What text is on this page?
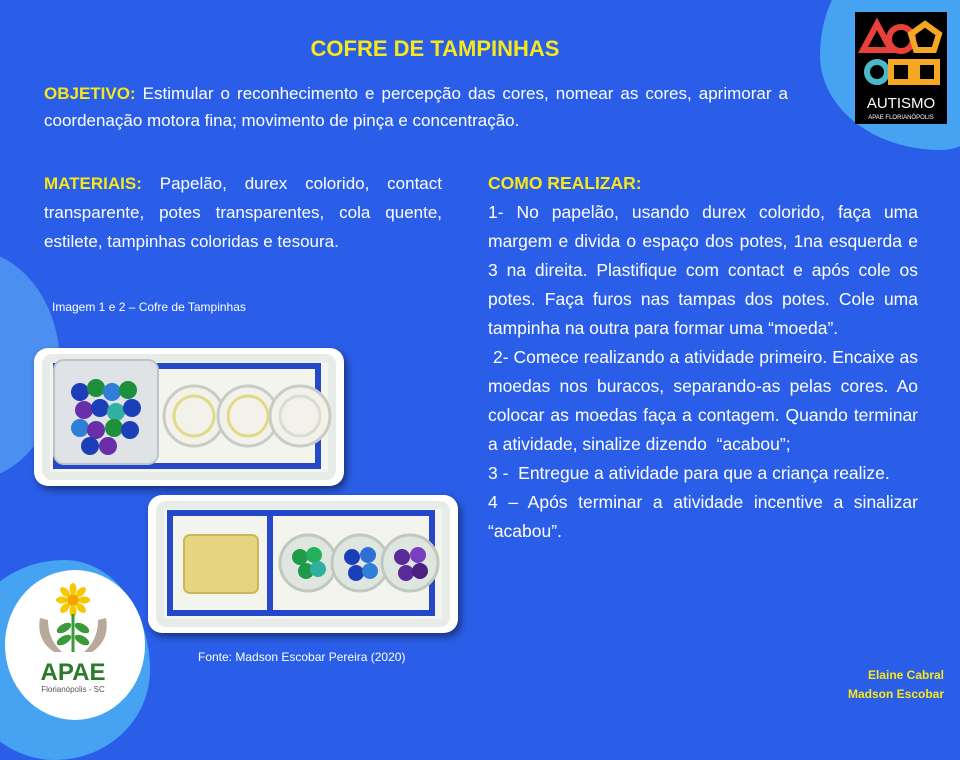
COFRE DE TAMPINHAS
OBJETIVO: Estimular o reconhecimento e percepção das cores, nomear as cores, aprimorar a coordenação motora fina; movimento de pinça e concentração.
MATERIAIS: Papelão, durex colorido, contact transparente, potes transparentes, cola quente, estilete, tampinhas coloridas e tesoura.

COMO REALIZAR:

1- No papelão, usando durex colorido, faça uma margem e divida o espaço dos potes, 1na esquerda e 3 na direita. Plastifique com contact e após cole os potes. Faça furos nas tampas dos potes. Cole uma tampinha na outra para formar uma “moeda”.

2- Comece realizando a atividade primeiro. Encaixe as moedas nos buracos, separando-as pelas cores. Ao colocar as moedas faça a contagem. Quando terminar a atividade, sinalize dizendo  “acabou”;

3 -  Entregue a atividade para que a criança realize.

4 – Após terminar a atividade incentive a sinalizar “acabou”.

Imagem 1 e 2 – Cofre de Tampinhas
Fonte: Madson Escobar Pereira (2020)
AUTISMO
APAE FLORIANÓPOLIS
APAE
Florianópolis - SC
Elaine Cabral
Madson Escobar
